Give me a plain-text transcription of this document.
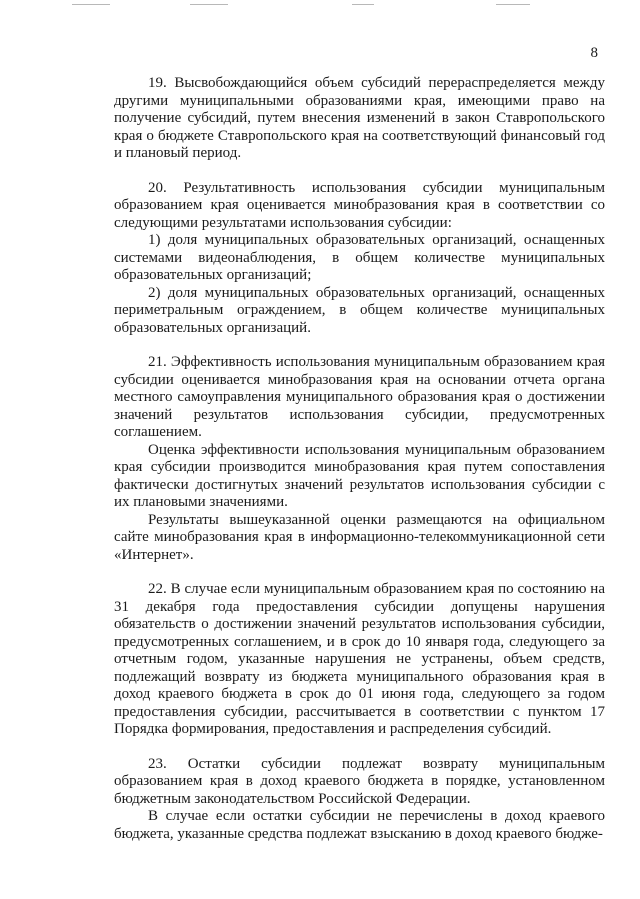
8

19. Высвобождающийся объем субсидий перераспределяется между другими муниципальными образованиями края, имеющими право на получение субсидий, путем внесения изменений в закон Ставропольского края о бюджете Ставропольского края на соответствующий финансовый год и плановый период.

20. Результативность использования субсидии муниципальным образованием края оценивается минобразования края в соответствии со следующими результатами использования субсидии:

1) доля муниципальных образовательных организаций, оснащенных системами видеонаблюдения, в общем количестве муниципальных образовательных организаций;

2) доля муниципальных образовательных организаций, оснащенных периметральным ограждением, в общем количестве муниципальных образовательных организаций.

21. Эффективность использования муниципальным образованием края субсидии оценивается минобразования края на основании отчета органа местного самоуправления муниципального образования края о достижении значений результатов использования субсидии, предусмотренных соглашением.

Оценка эффективности использования муниципальным образованием края субсидии производится минобразования края путем сопоставления фактически достигнутых значений результатов использования субсидии с их плановыми значениями.

Результаты вышеуказанной оценки размещаются на официальном сайте минобразования края в информационно-телекоммуникационной сети «Интернет».

22. В случае если муниципальным образованием края по состоянию на 31 декабря года предоставления субсидии допущены нарушения обязательств о достижении значений результатов использования субсидии, предусмотренных соглашением, и в срок до 10 января года, следующего за отчетным годом, указанные нарушения не устранены, объем средств, подлежащий возврату из бюджета муниципального образования края в доход краевого бюджета в срок до 01 июня года, следующего за годом предоставления субсидии, рассчитывается в соответствии с пунктом 17 Порядка формирования, предоставления и распределения субсидий.

23. Остатки субсидии подлежат возврату муниципальным образованием края в доход краевого бюджета в порядке, установленном бюджетным законодательством Российской Федерации.

В случае если остатки субсидии не перечислены в доход краевого бюджета, указанные средства подлежат взысканию в доход краевого бюдже-
